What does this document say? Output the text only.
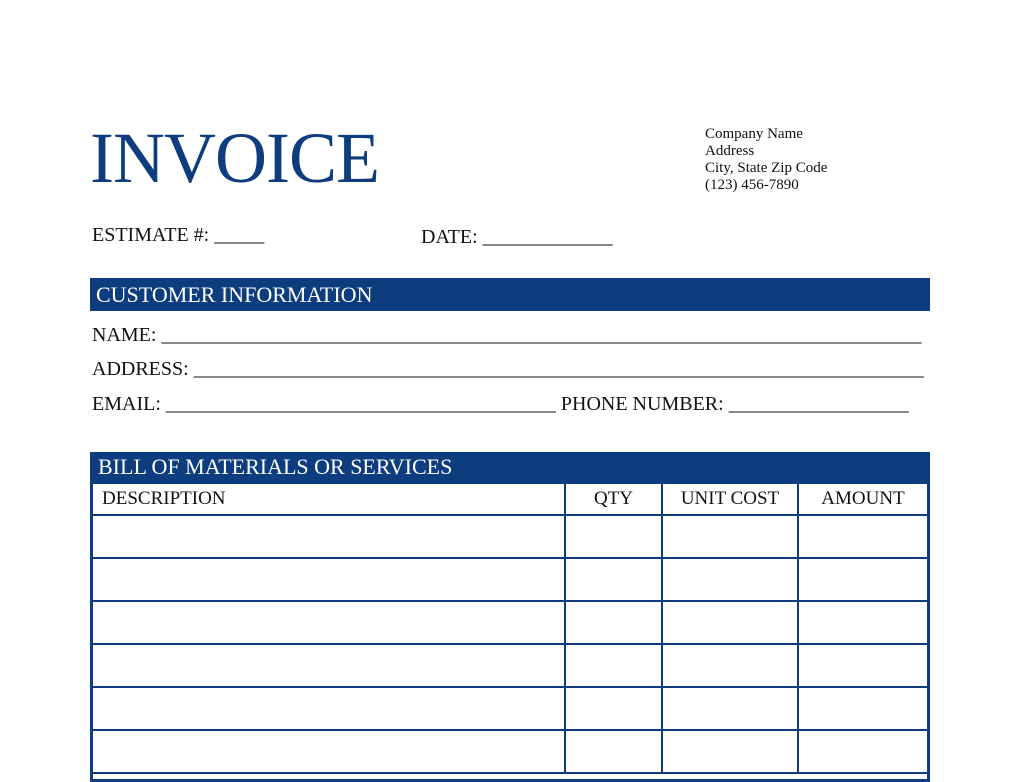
INVOICE	Company Name
Address
City, State Zip Code
(123) 456-7890
ESTIMATE #: _____	DATE: _____________
CUSTOMER INFORMATION
NAME: ____________________________________________________________________________
ADDRESS: _________________________________________________________________________
EMAIL: _______________________________________ PHONE NUMBER: __________________
BILL OF MATERIALS OR SERVICES
DESCRIPTION	QTY	UNIT COST	AMOUNT
